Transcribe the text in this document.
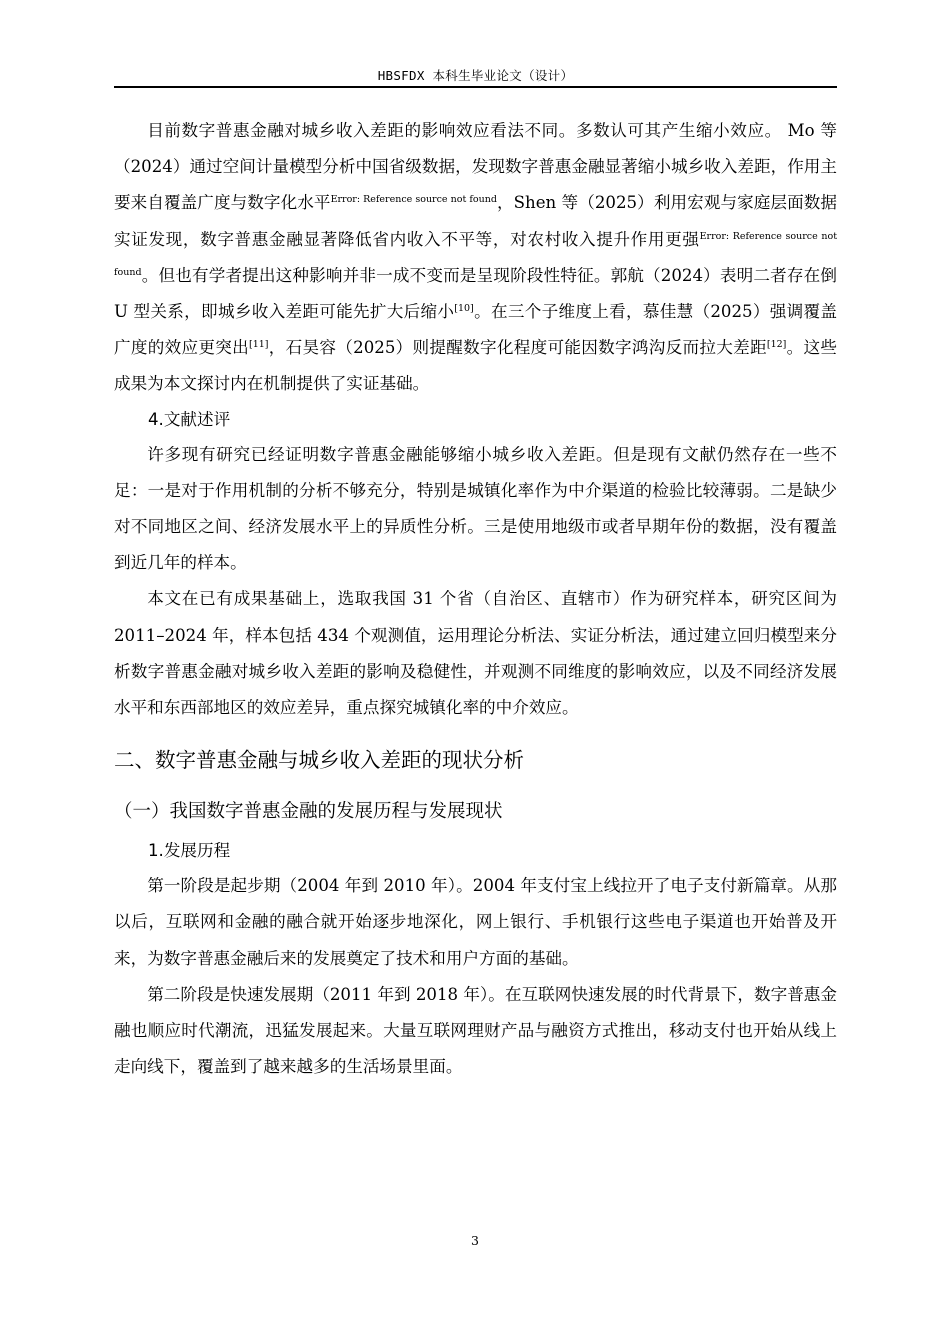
HBSFDX 本科生毕业论文（设计）

目前数字普惠金融对城乡收入差距的影响效应看法不同。多数认可其产生缩小效应。 Mo 等（2024）通过空间计量模型分析中国省级数据，发现数字普惠金融显著缩小城乡收入差距，作用主要来自覆盖广度与数字化水平$^{Error: Reference source not found}$，Shen 等（2025）利用宏观与家庭层面数据实证发现，数字普惠金融显著降低省内收入不平等，对农村收入提升作用更强$^{Error: Reference source not found}$。但也有学者提出这种影响并非一成不变而是呈现阶段性特征。郭航（2024）表明二者存在倒 U 型关系，即城乡收入差距可能先扩大后缩小[10]。在三个子维度上看，慕佳慧（2025）强调覆盖广度的效应更突出[11]，石昊容（2025）则提醒数字化程度可能因数字鸿沟反而拉大差距[12]。这些成果为本文探讨内在机制提供了实证基础。

4.文献述评

许多现有研究已经证明数字普惠金融能够缩小城乡收入差距。但是现有文献仍然存在一些不足：一是对于作用机制的分析不够充分，特别是城镇化率作为中介渠道的检验比较薄弱。二是缺少对不同地区之间、经济发展水平上的异质性分析。三是使用地级市或者早期年份的数据，没有覆盖到近几年的样本。

本文在已有成果基础上，选取我国 31 个省（自治区、直辖市）作为研究样本，研究区间为 2011–2024 年，样本包括 434 个观测值，运用理论分析法、实证分析法，通过建立回归模型来分析数字普惠金融对城乡收入差距的影响及稳健性，并观测不同维度的影响效应，以及不同经济发展水平和东西部地区的效应差异，重点探究城镇化率的中介效应。

二、数字普惠金融与城乡收入差距的现状分析
（一）我国数字普惠金融的发展历程与发展现状
1.发展历程

第一阶段是起步期（2004 年到 2010 年）。2004 年支付宝上线拉开了电子支付新篇章。从那以后，互联网和金融的融合就开始逐步地深化，网上银行、手机银行这些电子渠道也开始普及开来，为数字普惠金融后来的发展奠定了技术和用户方面的基础。

第二阶段是快速发展期（2011 年到 2018 年）。在互联网快速发展的时代背景下，数字普惠金融也顺应时代潮流，迅猛发展起来。大量互联网理财产品与融资方式推出，移动支付也开始从线上走向线下，覆盖到了越来越多的生活场景里面。

3
